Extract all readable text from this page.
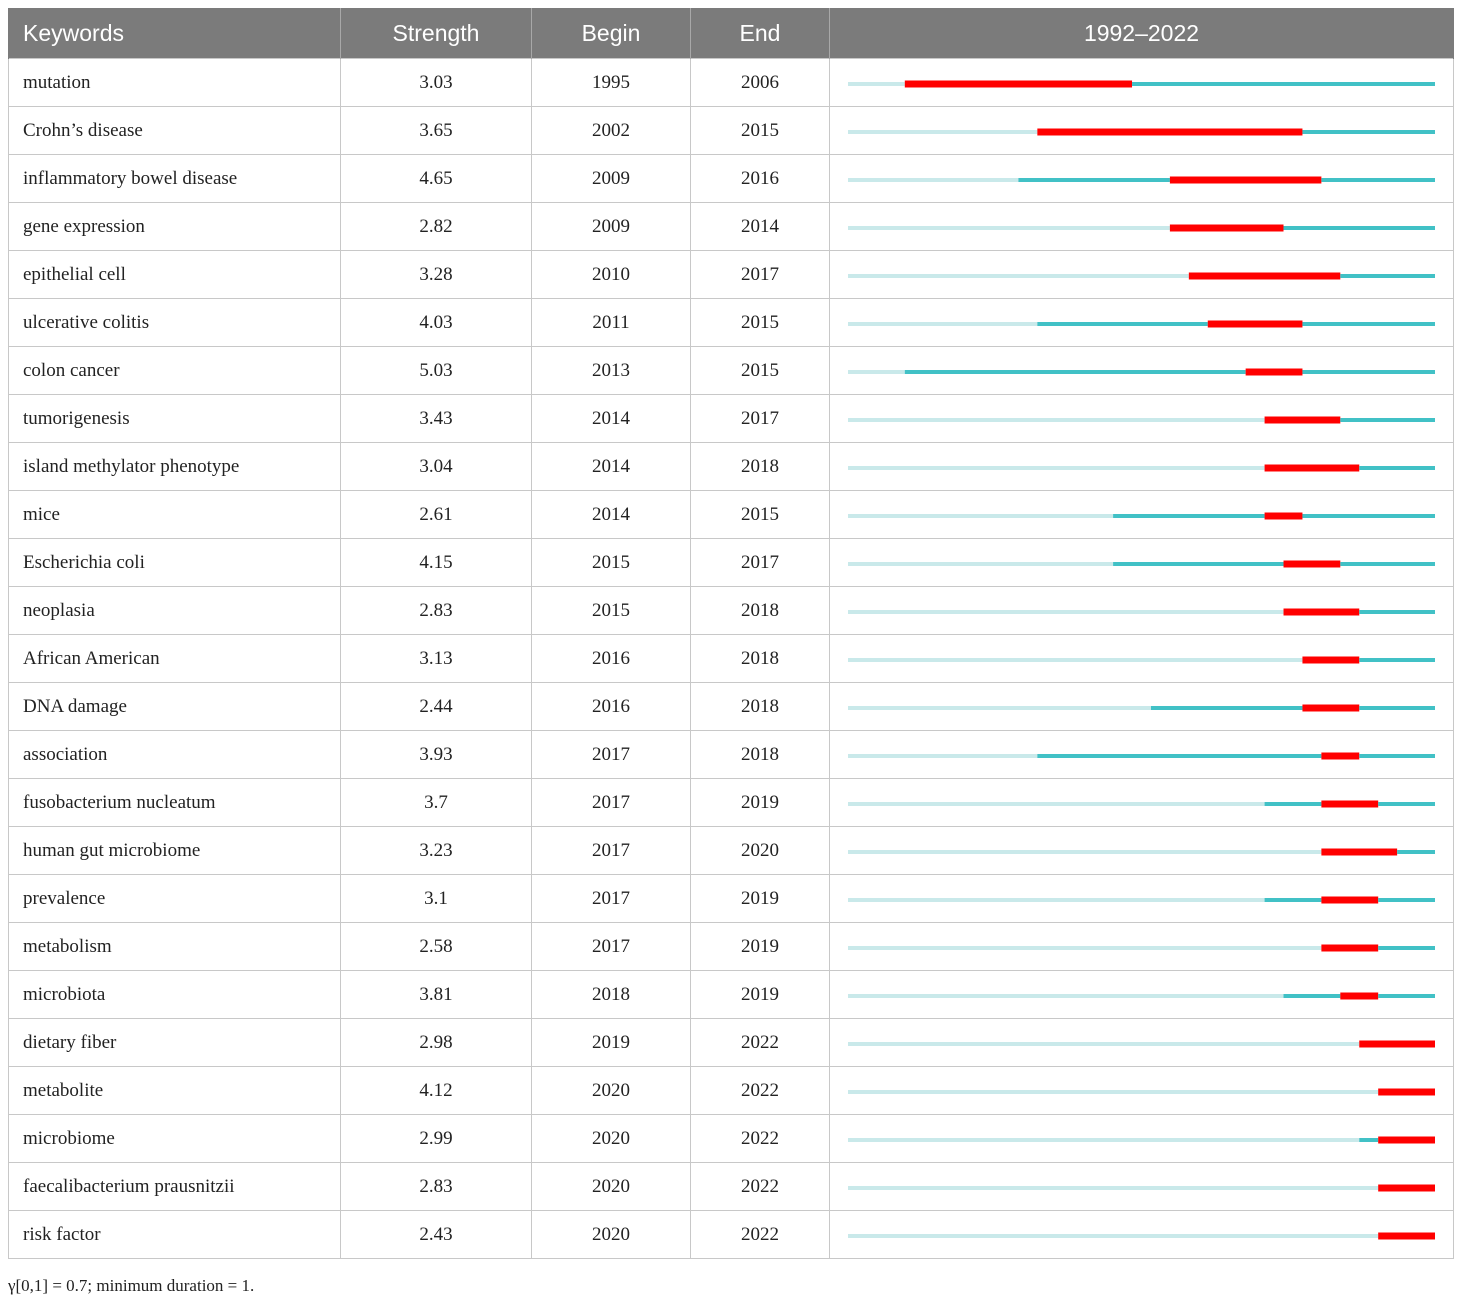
Keywords	Strength	Begin	End	1992–2022
mutation	3.03	1995	2006	

Crohn’s disease	3.65	2002	2015	

inflammatory bowel disease	4.65	2009	2016	

gene expression	2.82	2009	2014	

epithelial cell	3.28	2010	2017	

ulcerative colitis	4.03	2011	2015	

colon cancer	5.03	2013	2015	

tumorigenesis	3.43	2014	2017	

island methylator phenotype	3.04	2014	2018	

mice	2.61	2014	2015	

Escherichia coli	4.15	2015	2017	

neoplasia	2.83	2015	2018	

African American	3.13	2016	2018	

DNA damage	2.44	2016	2018	

association	3.93	2017	2018	

fusobacterium nucleatum	3.7	2017	2019	

human gut microbiome	3.23	2017	2020	

prevalence	3.1	2017	2019	

metabolism	2.58	2017	2019	

microbiota	3.81	2018	2019	

dietary fiber	2.98	2019	2022	

metabolite	4.12	2020	2022	

microbiome	2.99	2020	2022	

faecalibacterium prausnitzii	2.83	2020	2022	

risk factor	2.43	2020	2022	
γ[0,1] = 0.7; minimum duration = 1.
